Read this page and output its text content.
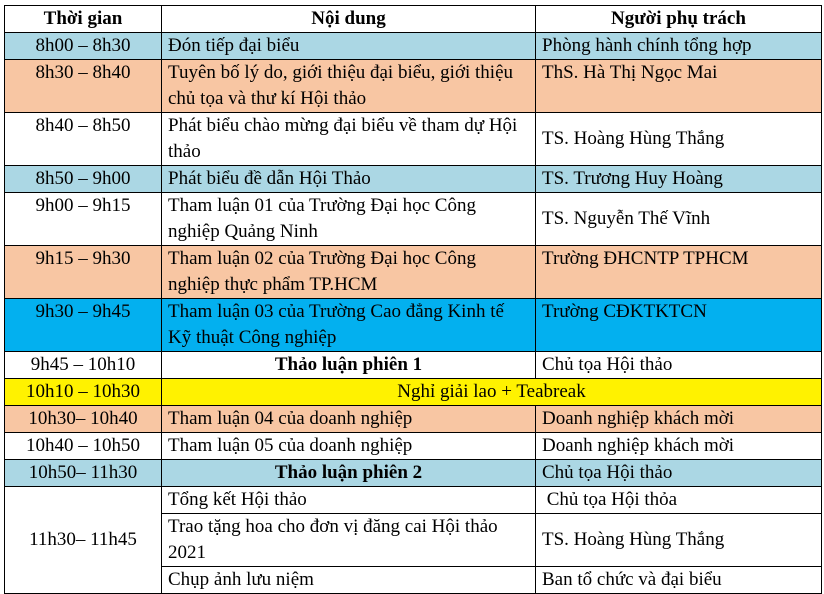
Thời gian	Nội dung	Người phụ trách
8h00 – 8h30	Đón tiếp đại biểu	Phòng hành chính tổng hợp
8h30 – 8h40	Tuyên bố lý do, giới thiệu đại biểu, giới thiệu chủ tọa và thư kí Hội thảo	ThS. Hà Thị Ngọc Mai
8h40 – 8h50	Phát biểu chào mừng đại biểu về tham dự Hội thảo	TS. Hoàng Hùng Thắng
8h50 – 9h00	Phát biểu đề dẫn Hội Thảo	TS. Trương Huy Hoàng
9h00 – 9h15	Tham luận 01 của Trường Đại học Công nghiệp Quảng Ninh	TS. Nguyễn Thế Vĩnh
9h15 – 9h30	Tham luận 02 của Trường Đại học Công nghiệp thực phẩm TP.HCM	Trường ĐHCNTP TPHCM
9h30 – 9h45	Tham luận 03 của Trường Cao đẳng Kinh tế Kỹ thuật Công nghiệp	Trường CĐKTKTCN
9h45 – 10h10	Thảo luận phiên 1	Chủ tọa Hội thảo
10h10 – 10h30	Nghỉ giải lao + Teabreak	
10h30– 10h40	Tham luận 04 của doanh nghiệp	Doanh nghiệp khách mời
10h40 – 10h50	Tham luận 05 của doanh nghiệp	Doanh nghiệp khách mời
10h50– 11h30	Thảo luận phiên 2	Chủ tọa Hội thảo
11h30– 11h45	Tổng kết Hội thảo	Chủ tọa Hội thỏa
	Trao tặng hoa cho đơn vị đăng cai Hội thảo 2021	TS. Hoàng Hùng Thắng
	Chụp ảnh lưu niệm	Ban tổ chức và đại biểu
